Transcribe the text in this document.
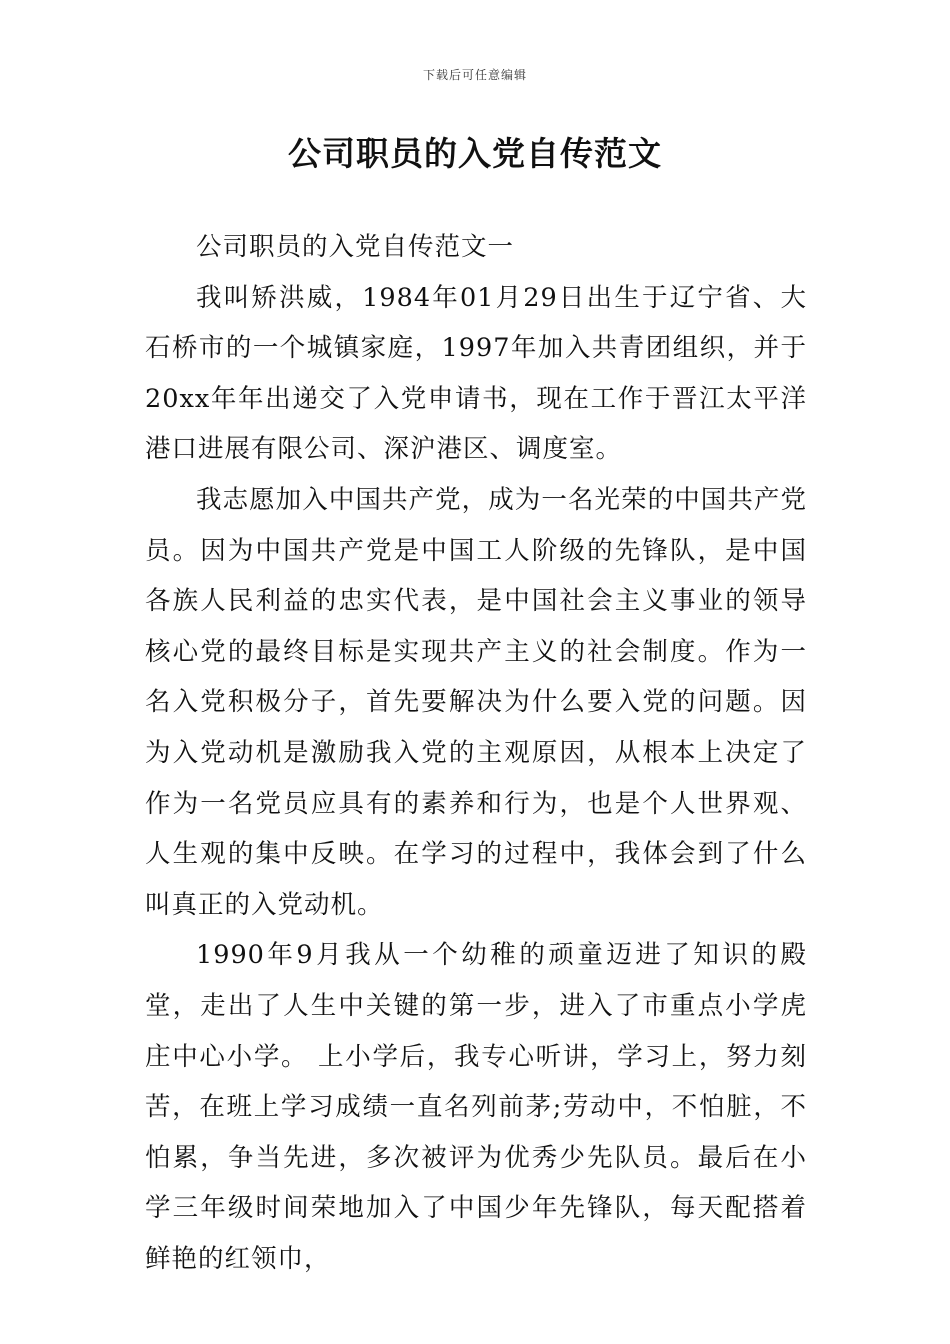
下载后可任意编辑
公司职员的入党自传范文

公司职员的入党自传范文一

我叫矫洪威，1984年01月29日出生于辽宁省、大石桥市的一个城镇家庭，1997年加入共青团组织，并于20xx年年出递交了入党申请书，现在工作于晋江太平洋港口进展有限公司、深沪港区、调度室。

我志愿加入中国共产党，成为一名光荣的中国共产党员。因为中国共产党是中国工人阶级的先锋队，是中国各族人民利益的忠实代表，是中国社会主义事业的领导核心党的最终目标是实现共产主义的社会制度。作为一名入党积极分子，首先要解决为什么要入党的问题。因为入党动机是激励我入党的主观原因，从根本上决定了作为一名党员应具有的素养和行为，也是个人世界观、人生观的集中反映。在学习的过程中，我体会到了什么叫真正的入党动机。

1990年9月我从一个幼稚的顽童迈进了知识的殿堂，走出了人生中关键的第一步，进入了市重点小学虎庄中心小学。 上小学后，我专心听讲，学习上，努力刻苦，在班上学习成绩一直名列前茅;劳动中，不怕脏，不怕累，争当先进，多次被评为优秀少先队员。最后在小学三年级时间荣地加入了中国少年先锋队，每天配搭着鲜艳的红领巾，
